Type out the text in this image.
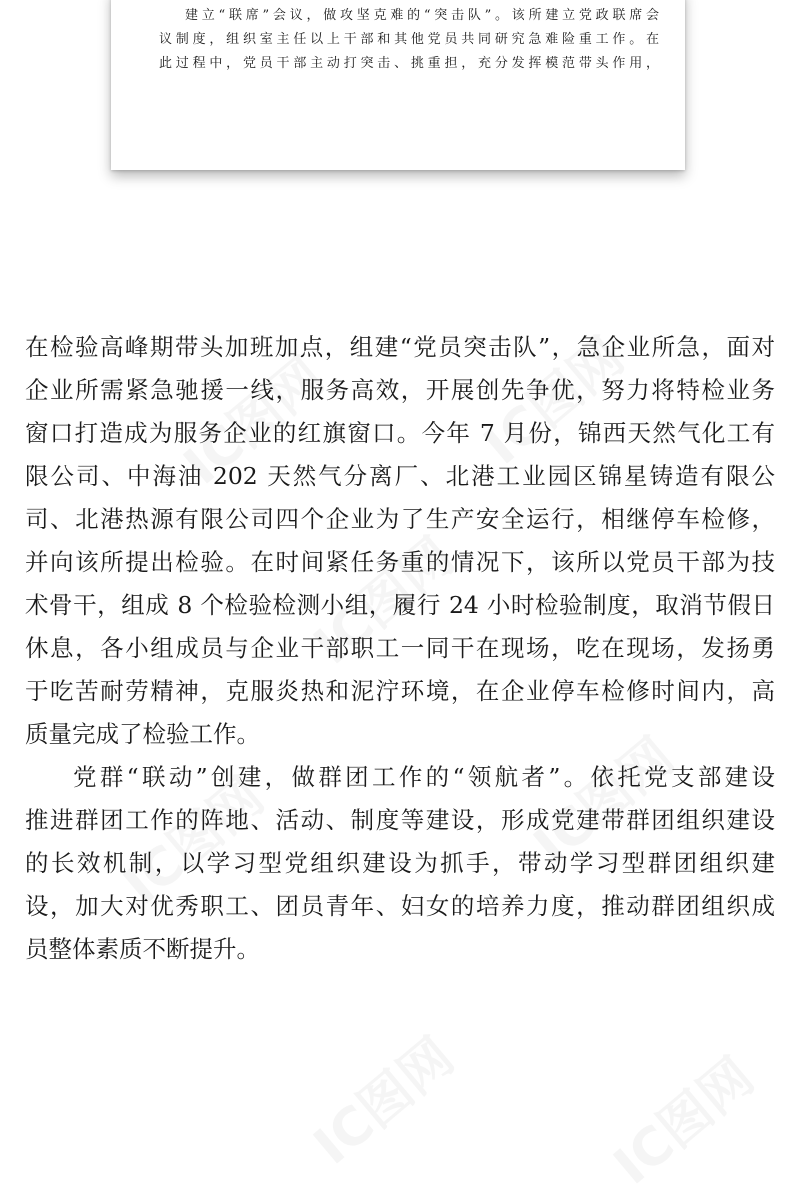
IC图网	IC图网
IC图网
IC图网
IC图网
IC图网	IC图网
建立“联席”会议，做攻坚克难的“突击队”。该所建立党政联席会
议制度，组织室主任以上干部和其他党员共同研究急难险重工作。在
此过程中，党员干部主动打突击、挑重担，充分发挥模范带头作用，
在检验高峰期带头加班加点，组建“党员突击队”，急企业所急，面对
企业所需紧急驰援一线，服务高效，开展创先争优，努力将特检业务
窗口打造成为服务企业的红旗窗口。今年 7 月份，锦西天然气化工有
限公司、中海油 202 天然气分离厂、北港工业园区锦星铸造有限公
司、北港热源有限公司四个企业为了生产安全运行，相继停车检修，
并向该所提出检验。在时间紧任务重的情况下，该所以党员干部为技
术骨干，组成 8 个检验检测小组，履行 24 小时检验制度，取消节假日
休息，各小组成员与企业干部职工一同干在现场，吃在现场，发扬勇
于吃苦耐劳精神，克服炎热和泥泞环境，在企业停车检修时间内，高
质量完成了检验工作。
党群“联动”创建，做群团工作的“领航者”。依托党支部建设
推进群团工作的阵地、活动、制度等建设，形成党建带群团组织建设
的长效机制，以学习型党组织建设为抓手，带动学习型群团组织建
设，加大对优秀职工、团员青年、妇女的培养力度，推动群团组织成
员整体素质不断提升。
